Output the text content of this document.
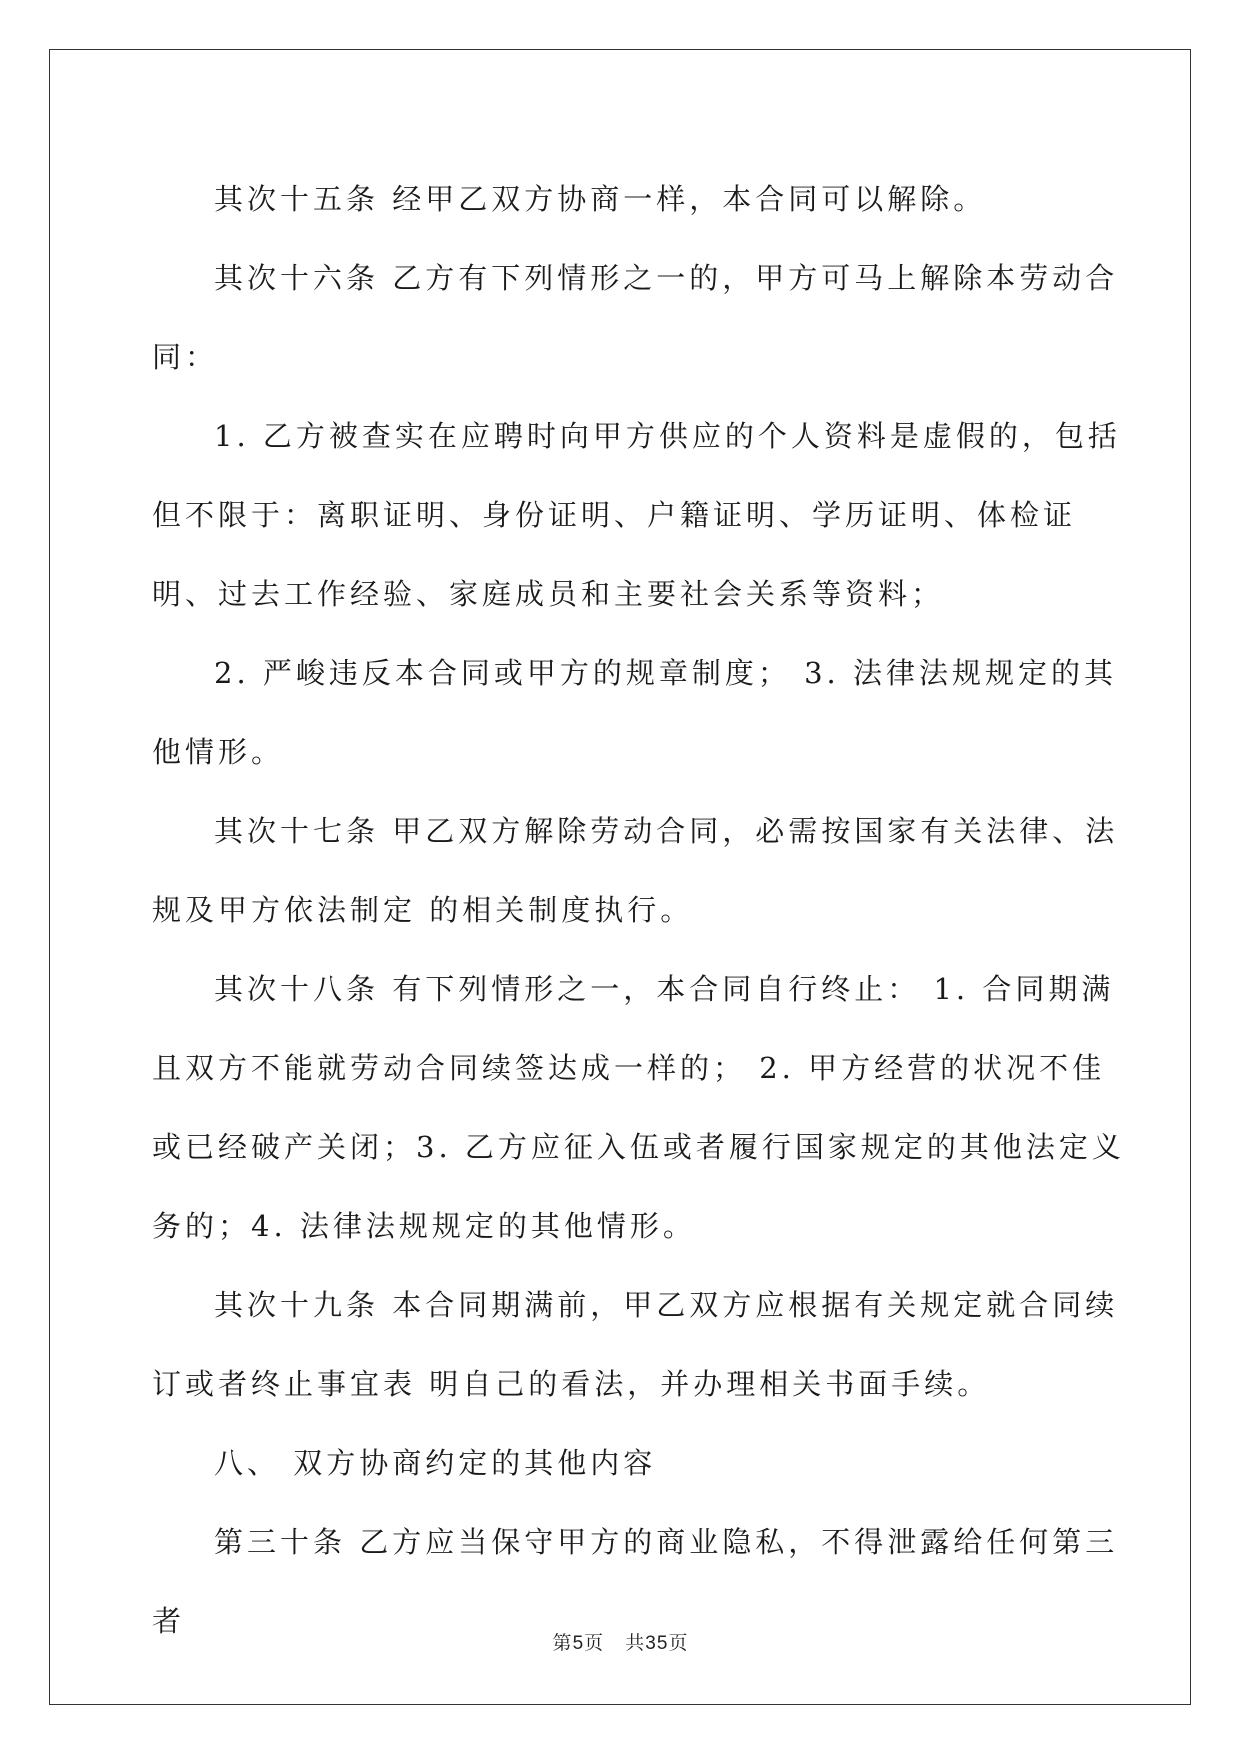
其次十五条 经甲乙双方协商一样，本合同可以解除。

其次十六条 乙方有下列情形之一的，甲方可马上解除本劳动合同：

1. 乙方被查实在应聘时向甲方供应的个人资料是虚假的，包括但不限于：离职证明、身份证明、户籍证明、学历证明、体检证明、过去工作经验、家庭成员和主要社会关系等资料；

2. 严峻违反本合同或甲方的规章制度； 3. 法律法规规定的其他情形。

其次十七条 甲乙双方解除劳动合同，必需按国家有关法律、法规及甲方依法制定 的相关制度执行。

其次十八条 有下列情形之一，本合同自行终止： 1. 合同期满且双方不能就劳动合同续签达成一样的； 2. 甲方经营的状况不佳或已经破产关闭；3. 乙方应征入伍或者履行国家规定的其他法定义务的；4. 法律法规规定的其他情形。

其次十九条 本合同期满前，甲乙双方应根据有关规定就合同续订或者终止事宜表 明自己的看法，并办理相关书面手续。

八、 双方协商约定的其他内容

第三十条 乙方应当保守甲方的商业隐私，不得泄露给任何第三者

第5页 共35页
